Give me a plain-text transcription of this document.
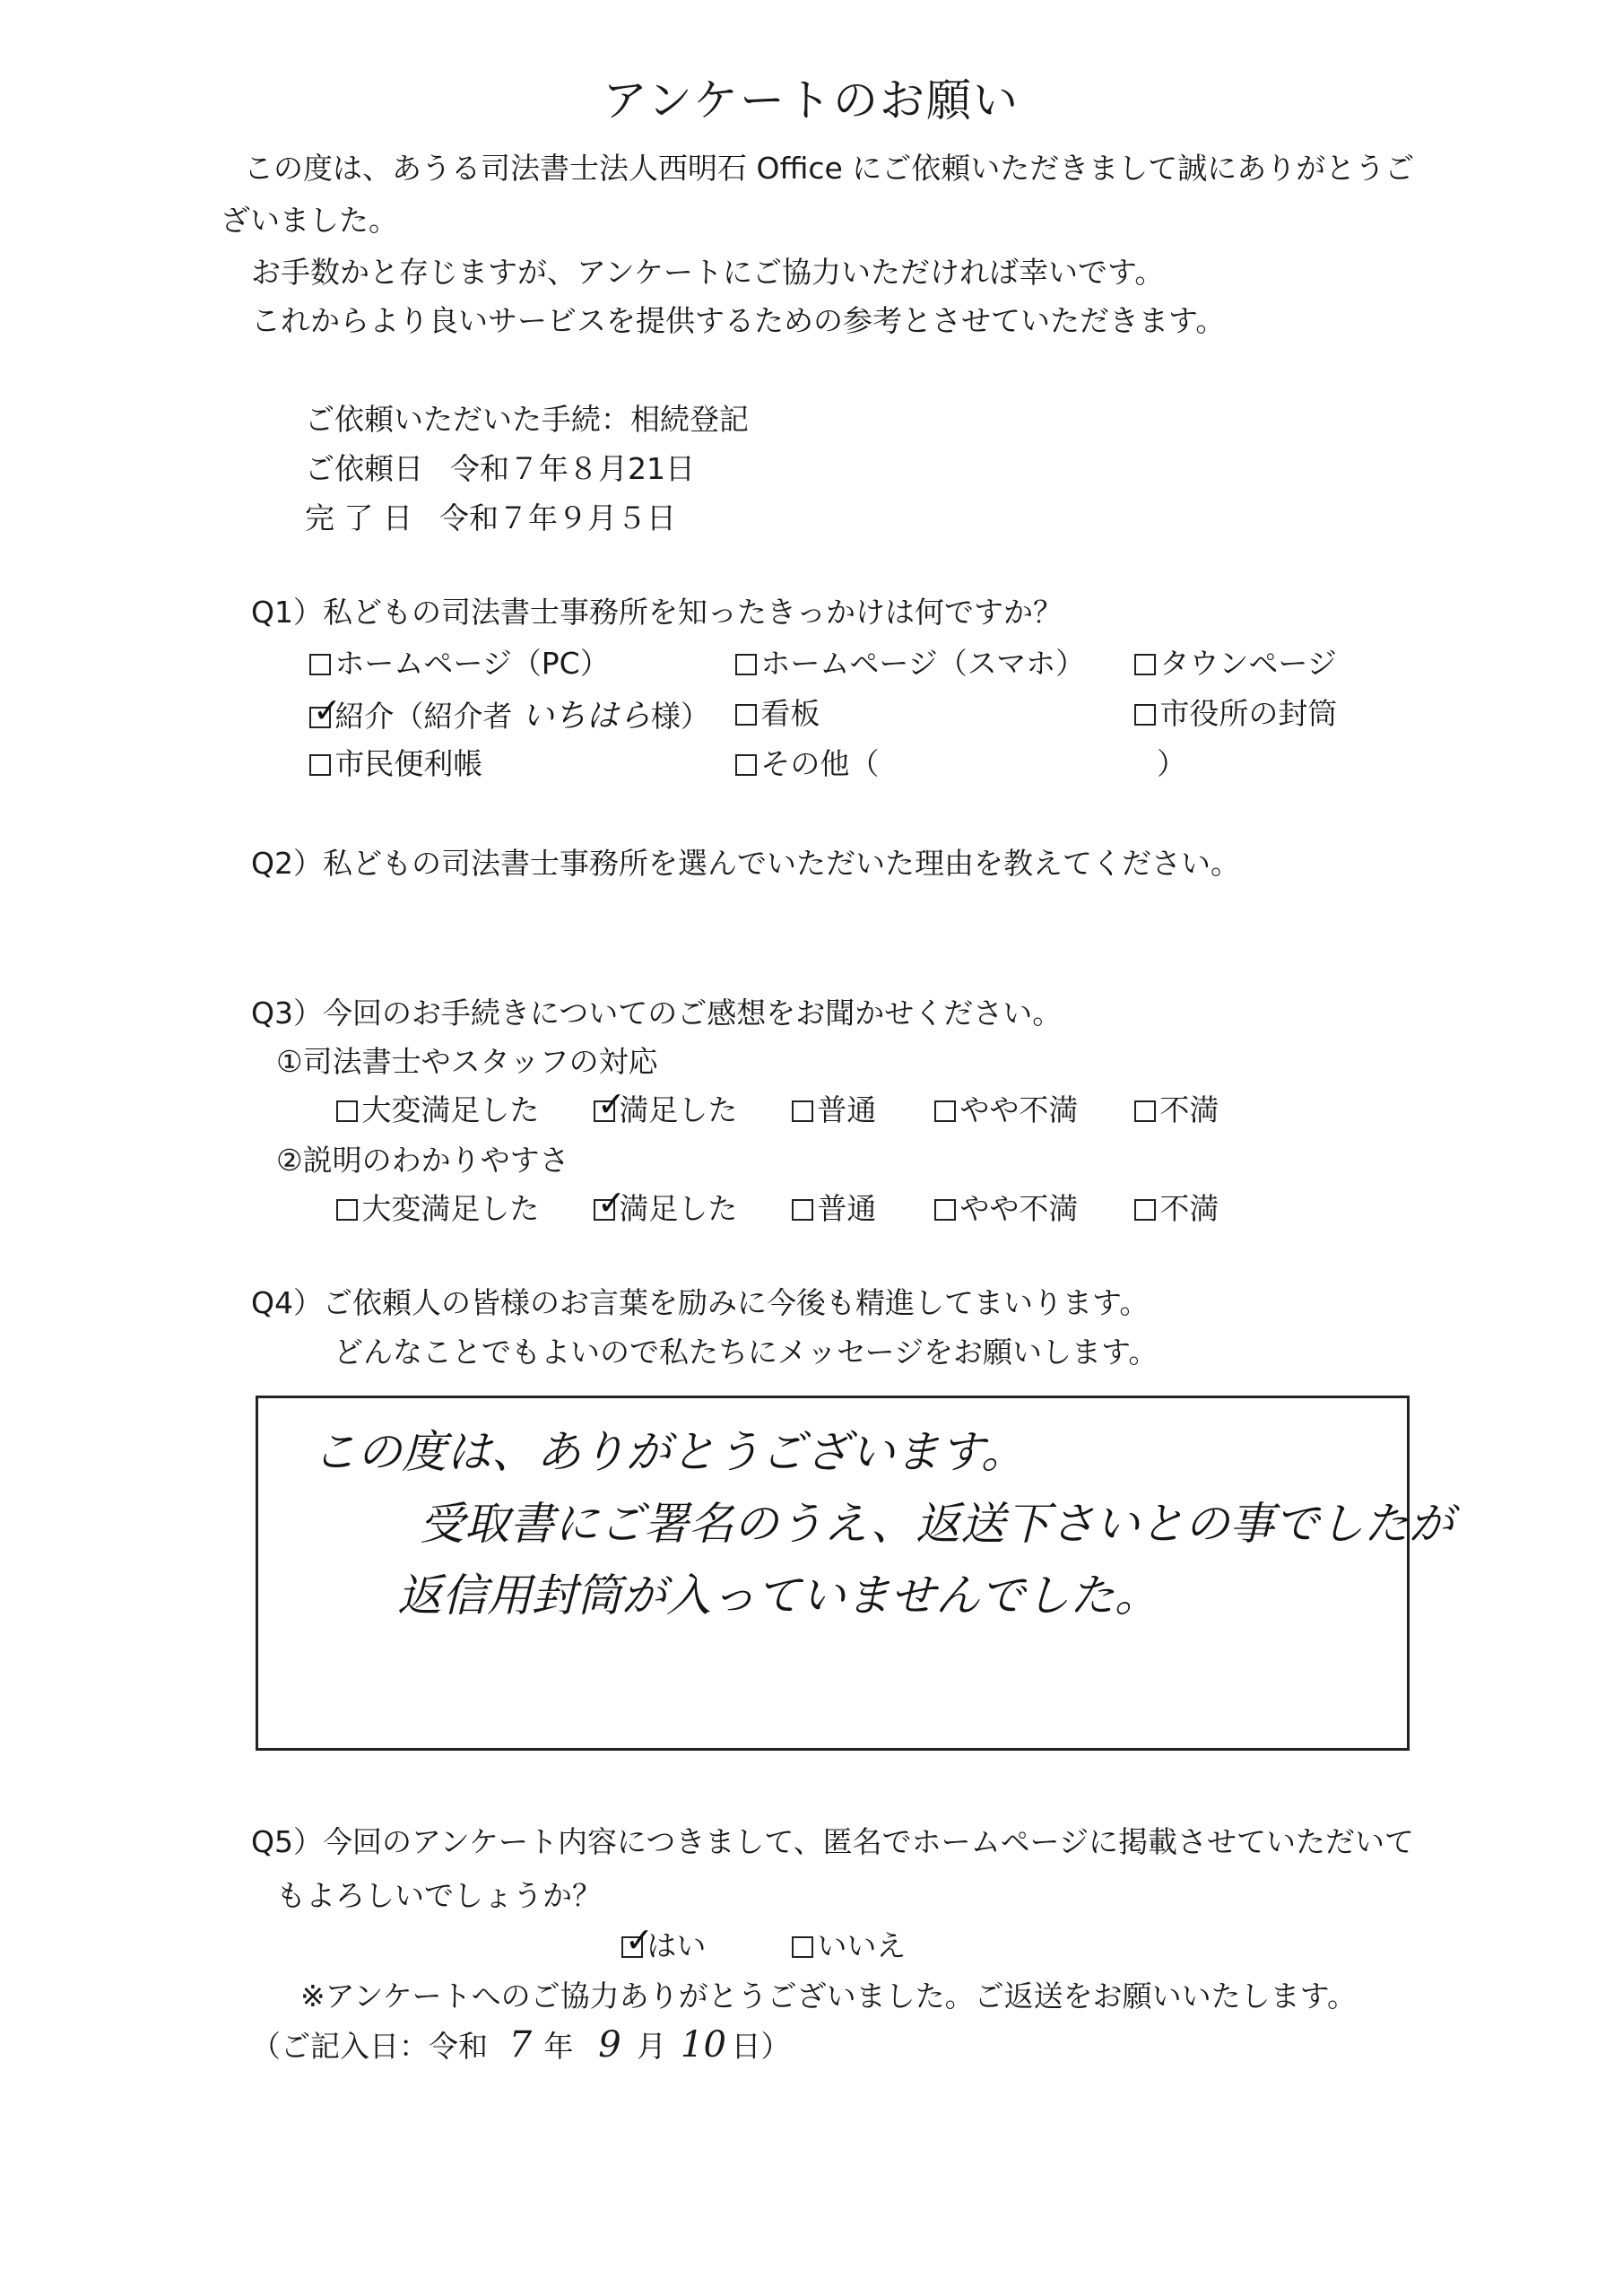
アンケートのお願い
この度は、あうる司法書士法人西明石 Office にご依頼いただきまして誠にありがとうご
ざいました。
お手数かと存じますが、アンケートにご協力いただければ幸いです。
これからより良いサービスを提供するための参考とさせていただきます。
ご依頼いただいた手続：相続登記
ご依頼日 令和７年８月21日
完 了 日 令和７年９月５日
Q1）私どもの司法書士事務所を知ったきっかけは何ですか？
ホームページ（PC）	ホームページ（スマホ）	タウンページ
✓
紹介（紹介者 いちはら様）	看板	市役所の封筒
市民便利帳	その他（	）
Q2）私どもの司法書士事務所を選んでいただいた理由を教えてください。
Q3）今回のお手続きについてのご感想をお聞かせください。
①司法書士やスタッフの対応
大変満足した ✓
満足した	普通	やや不満	不満
②説明のわかりやすさ
大変満足した ✓
満足した	普通	やや不満	不満
Q4）ご依頼人の皆様のお言葉を励みに今後も精進してまいります。
どんなことでもよいので私たちにメッセージをお願いします。
この度は、ありがとうございます。
受取書にご署名のうえ、返送下さいとの事でしたが
返信用封筒が入っていませんでした。
Q5）今回のアンケート内容につきまして、匿名でホームページに掲載させていただいて
もよろしいでしょうか？
✓
はい	いいえ
※アンケートへのご協力ありがとうございました。ご返送をお願いいたします。
（ご記入日：令和 7 年 9 月 10 日）
